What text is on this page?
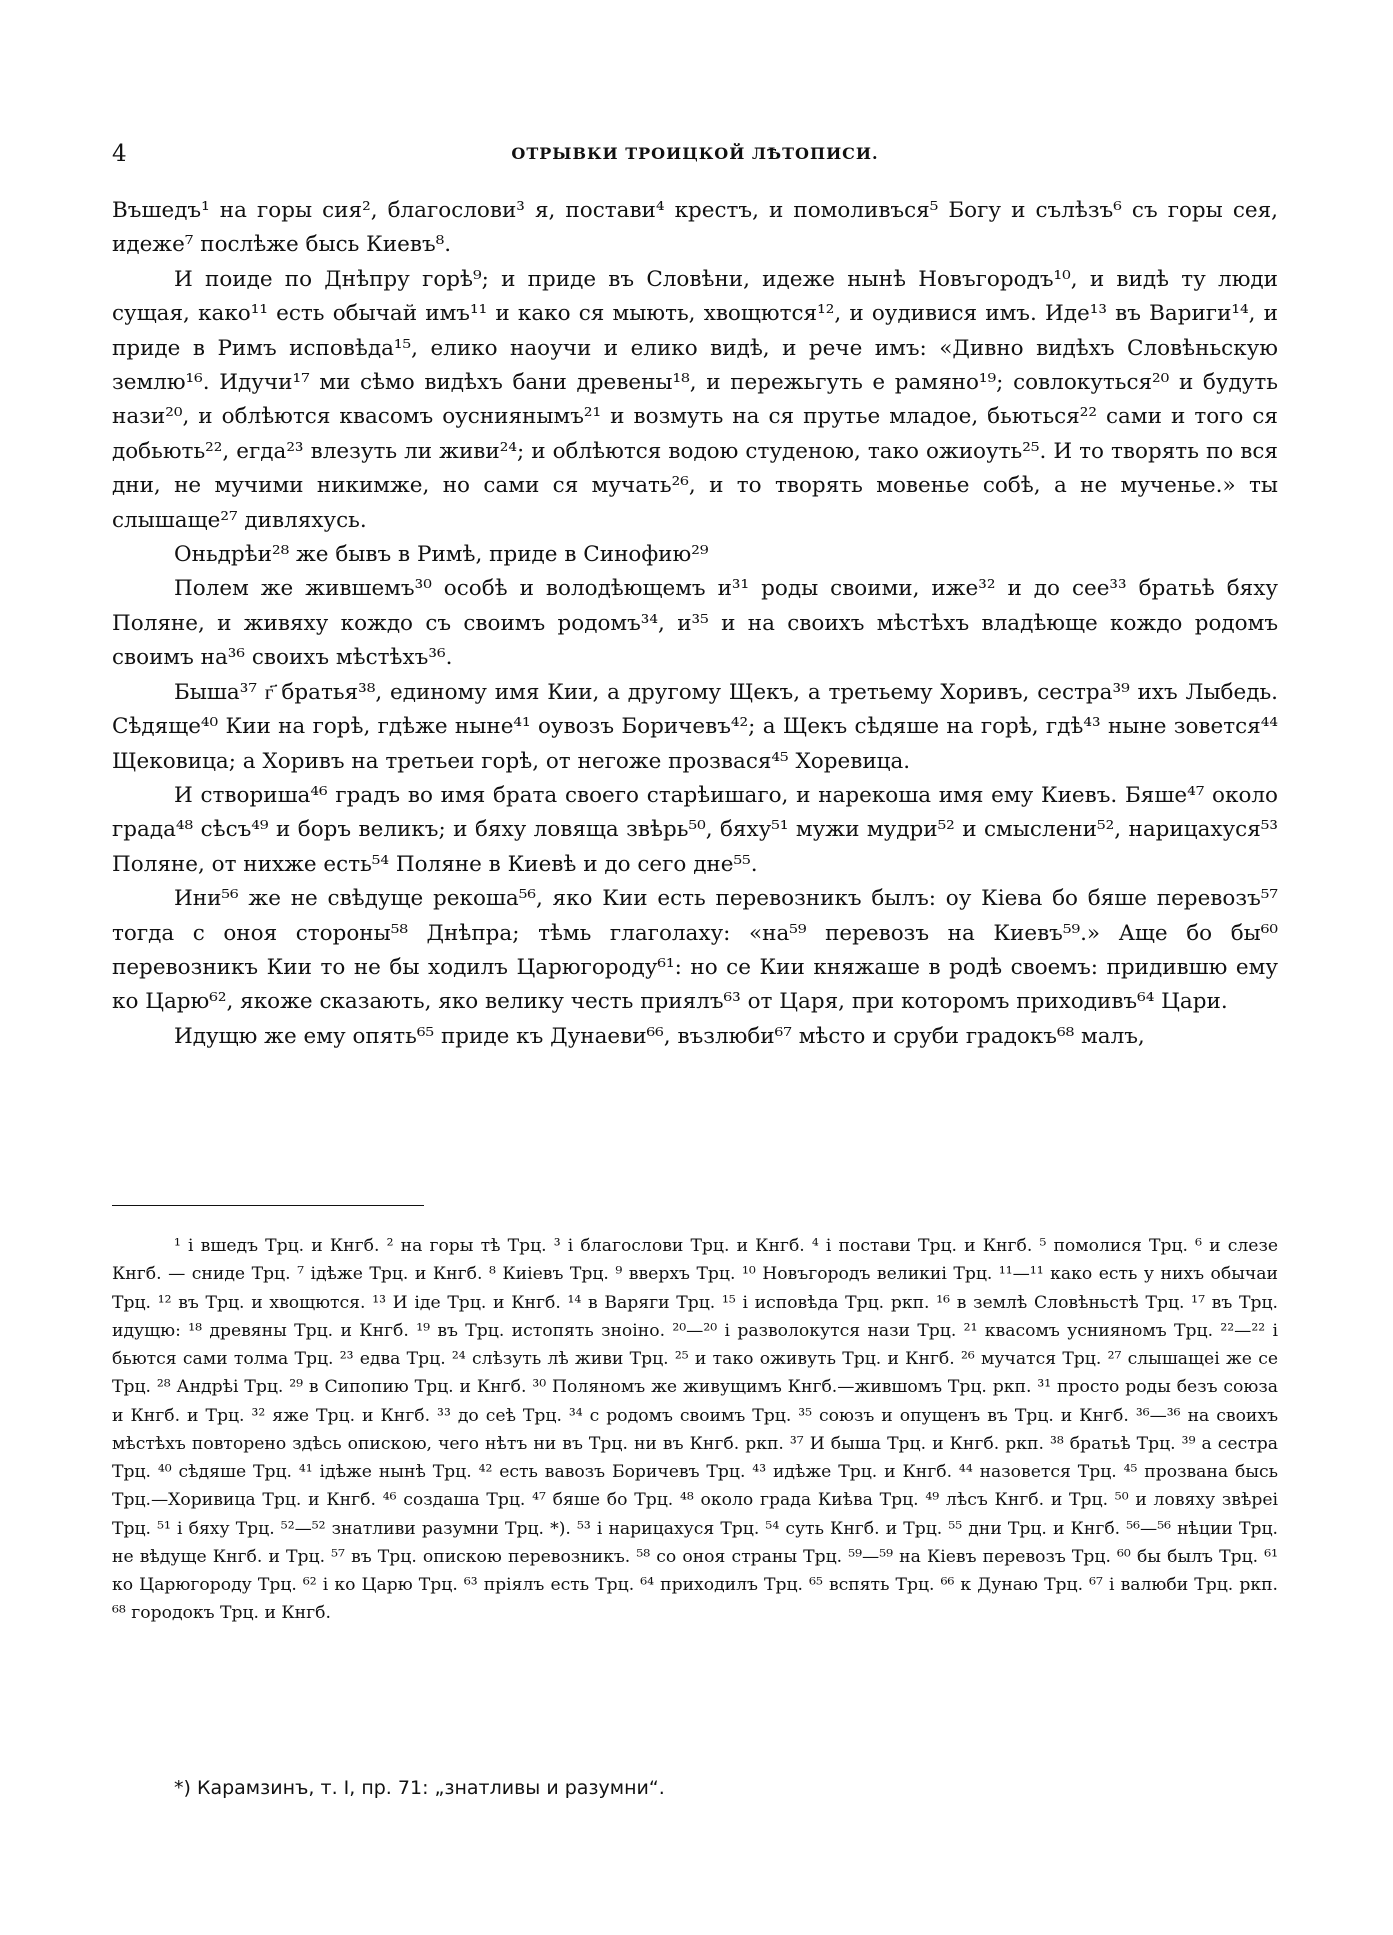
4	ОТРЫВКИ ТРОИЦКОЙ ЛѢТОПИСИ.

Въшедъ¹ на горы сия², благослови³ я, постави⁴ крестъ, и помоливъся⁵ Богу и сълѣзъ⁶ съ горы сея, идеже⁷ послѣже бысь Киевъ⁸.

И поиде по Днѣпру горѣ⁹; и приде въ Словѣни, идеже нынѣ Новъгородъ¹⁰, и видѣ ту люди сущая, како¹¹ есть обычай имъ¹¹ и како ся мыють, хвощются¹², и оудивися имъ. Иде¹³ въ Вариги¹⁴, и приде в Римъ исповѣда¹⁵, елико наоучи и елико видѣ, и рече имъ: «Дивно видѣхъ Словѣньскую землю¹⁶. Идучи¹⁷ ми сѣмо видѣхъ бани древены¹⁸, и пережьгуть е рамяно¹⁹; совлокуться²⁰ и будуть нази²⁰, и облѣются квасомъ оусниянымъ²¹ и возмуть на ся прутье младое, бьються²² сами и того ся добьють²², егда²³ влезуть ли живи²⁴; и облѣются водою студеною, тако ожиоуть²⁵. И то творять по вся дни, не мучими никимже, но сами ся мучать²⁶, и то творять мовенье собѣ, а не мученье.» ты слышаще²⁷ дивляхусь.

Оньдрѣи²⁸ же бывъ в Римѣ, приде в Синофию²⁹

Полем же жившемъ³⁰ особѣ и володѣющемъ и³¹ роды своими, иже³² и до сее³³ братьѣ бяху Поляне, и живяху кождо съ своимъ родомъ³⁴, и³⁵ и на своихъ мѣстѣхъ владѣюще кождо родомъ своимъ на³⁶ своихъ мѣстѣхъ³⁶.

Быша³⁷ г҃ братья³⁸, единому имя Кии, а другому Щекъ, а третьему Хоривъ, сестра³⁹ ихъ Лыбедь. Сѣдяще⁴⁰ Кии на горѣ, гдѣже ныне⁴¹ оувозъ Боричевъ⁴²; а Щекъ сѣдяше на горѣ, гдѣ⁴³ ныне зовется⁴⁴ Щековица; а Хоривъ на третьеи горѣ, от негоже прозвася⁴⁵ Хоревица.

И створиша⁴⁶ градъ во имя брата своего старѣишаго, и нарекоша имя ему Киевъ. Бяше⁴⁷ около града⁴⁸ сѣсъ⁴⁹ и боръ великъ; и бяху ловяща звѣрь⁵⁰, бяху⁵¹ мужи мудри⁵² и смыслени⁵², нарицахуся⁵³ Поляне, от нихже есть⁵⁴ Поляне в Киевѣ и до сего дне⁵⁵.

Ини⁵⁶ же не свѣдуще рекоша⁵⁶, яко Кии есть перевозникъ былъ: оу Кiева бо бяше перевозъ⁵⁷ тогда с оноя стороны⁵⁸ Днѣпра; тѣмь глаголаху: «на⁵⁹ перевозъ на Киевъ⁵⁹.» Аще бо бы⁶⁰ перевозникъ Кии то не бы ходилъ Царюгороду⁶¹: но се Кии княжаше в родѣ своемъ: придившю ему ко Царю⁶², якоже сказають, яко велику честь приялъ⁶³ от Царя, при которомъ приходивъ⁶⁴ Цари.

Идущю же ему опять⁶⁵ приде къ Дунаеви⁶⁶, възлюби⁶⁷ мѣсто и сруби градокъ⁶⁸ малъ,

¹ і вшедъ Трц. и Кнгб. ² на горы тѣ Трц. ³ і благослови Трц. и Кнгб. ⁴ і постави Трц. и Кнгб. ⁵ помолися Трц. ⁶ и слезе Кнгб. — сниде Трц. ⁷ ідѣже Трц. и Кнгб. ⁸ Киіевъ Трц. ⁹ вверхъ Трц. ¹⁰ Новъгородъ великиі Трц. ¹¹—¹¹ како есть у нихъ обычаи Трц. ¹² въ Трц. и хвощются. ¹³ И іде Трц. и Кнгб. ¹⁴ в Варяги Трц. ¹⁵ і исповѣда Трц. ркп. ¹⁶ в землѣ Словѣньстѣ Трц. ¹⁷ въ Трц. идущю: ¹⁸ древяны Трц. и Кнгб. ¹⁹ въ Трц. истопять зноіно. ²⁰—²⁰ і разволокутся нази Трц. ²¹ квасомъ уснияномъ Трц. ²²—²² і бьются сами толма Трц. ²³ едва Трц. ²⁴ слѣзуть лѣ живи Трц. ²⁵ и тако оживуть Трц. и Кнгб. ²⁶ мучатся Трц. ²⁷ слышащеі же се Трц. ²⁸ Андрѣі Трц. ²⁹ в Сипопию Трц. и Кнгб. ³⁰ Поляномъ же живущимъ Кнгб.—жившомъ Трц. ркп. ³¹ просто роды безъ союза и Кнгб. и Трц. ³² яже Трц. и Кнгб. ³³ до сеѣ Трц. ³⁴ с родомъ своимъ Трц. ³⁵ союзъ и опущенъ въ Трц. и Кнгб. ³⁶—³⁶ на своихъ мѣстѣхъ повторено здѣсь опискою, чего нѣтъ ни въ Трц. ни въ Кнгб. ркп. ³⁷ И быша Трц. и Кнгб. ркп. ³⁸ братьѣ Трц. ³⁹ а сестра Трц. ⁴⁰ сѣдяше Трц. ⁴¹ ідѣже нынѣ Трц. ⁴² есть вавозъ Боричевъ Трц. ⁴³ идѣже Трц. и Кнгб. ⁴⁴ назовется Трц. ⁴⁵ прозвана бысь Трц.—Хоривица Трц. и Кнгб. ⁴⁶ создаша Трц. ⁴⁷ бяше бо Трц. ⁴⁸ около града Киѣва Трц. ⁴⁹ лѣсъ Кнгб. и Трц. ⁵⁰ и ловяху звѣреі Трц. ⁵¹ і бяху Трц. ⁵²—⁵² знатливи разумни Трц. *). ⁵³ і нарицахуся Трц. ⁵⁴ суть Кнгб. и Трц. ⁵⁵ дни Трц. и Кнгб. ⁵⁶—⁵⁶ нѣции Трц. не вѣдуще Кнгб. и Трц. ⁵⁷ въ Трц. опискою перевозникъ. ⁵⁸ со оноя страны Трц. ⁵⁹—⁵⁹ на Кіевъ перевозъ Трц. ⁶⁰ бы былъ Трц. ⁶¹ ко Царюгороду Трц. ⁶² і ко Царю Трц. ⁶³ пріялъ есть Трц. ⁶⁴ приходилъ Трц. ⁶⁵ вспять Трц. ⁶⁶ к Дунаю Трц. ⁶⁷ і валюби Трц. ркп. ⁶⁸ городокъ Трц. и Кнгб.

*) Карамзинъ, т. I, пр. 71: „знатливы и разумни“.
